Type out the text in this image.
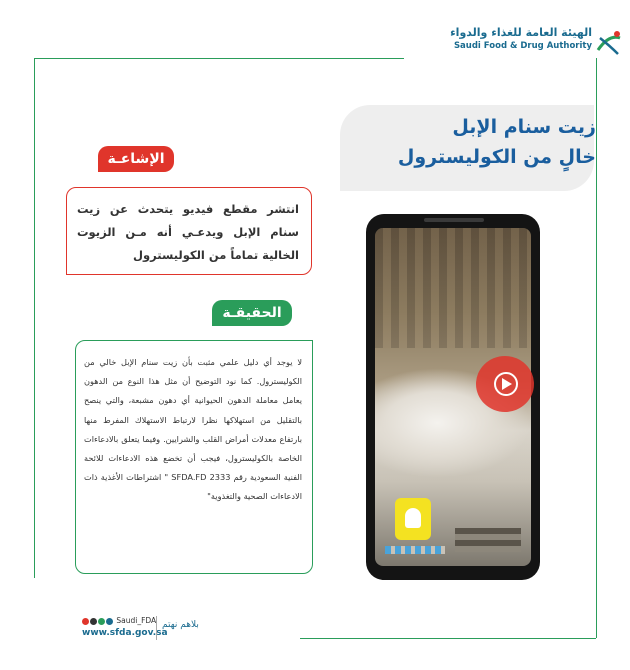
الهيئة العامة للغذاء والدواء
Saudi Food & Drug Authority
زيت سنام الإبل
خالٍ من الكوليسترول
الإشاعـة
انتشر مقطع فيديو يتحدث عن زيت سنام الإبل ويدعـي أنه مـن الزيوت الخالية تماماً من الكوليسترول
الحقيقـة
لا يوجد أي دليل علمي مثبت بأن زيت سنام الإبل خالي من الكوليسترول. كما نود التوضيح أن مثل هذا النوع من الدهون يعامل معاملة الدهون الحيوانية أي دهون مشبعة، والتي ينصح بالتقليل من استهلاكها نظرا لارتباط الاستهلاك المفرط منها بارتفاع معدلات أمراض القلب والشرايين. وفيما يتعلق بالادعاءات الخاصة بالكوليسترول، فيجب أن تخضع هذه الادعاءات للائحة الفنية السعودية رقم SFDA.FD 2333 " اشتراطات الأغذية ذات الادعاءات الصحية والتغذوية"
Saudi_FDA
www.sfda.gov.sa
بلاهم نهتم
